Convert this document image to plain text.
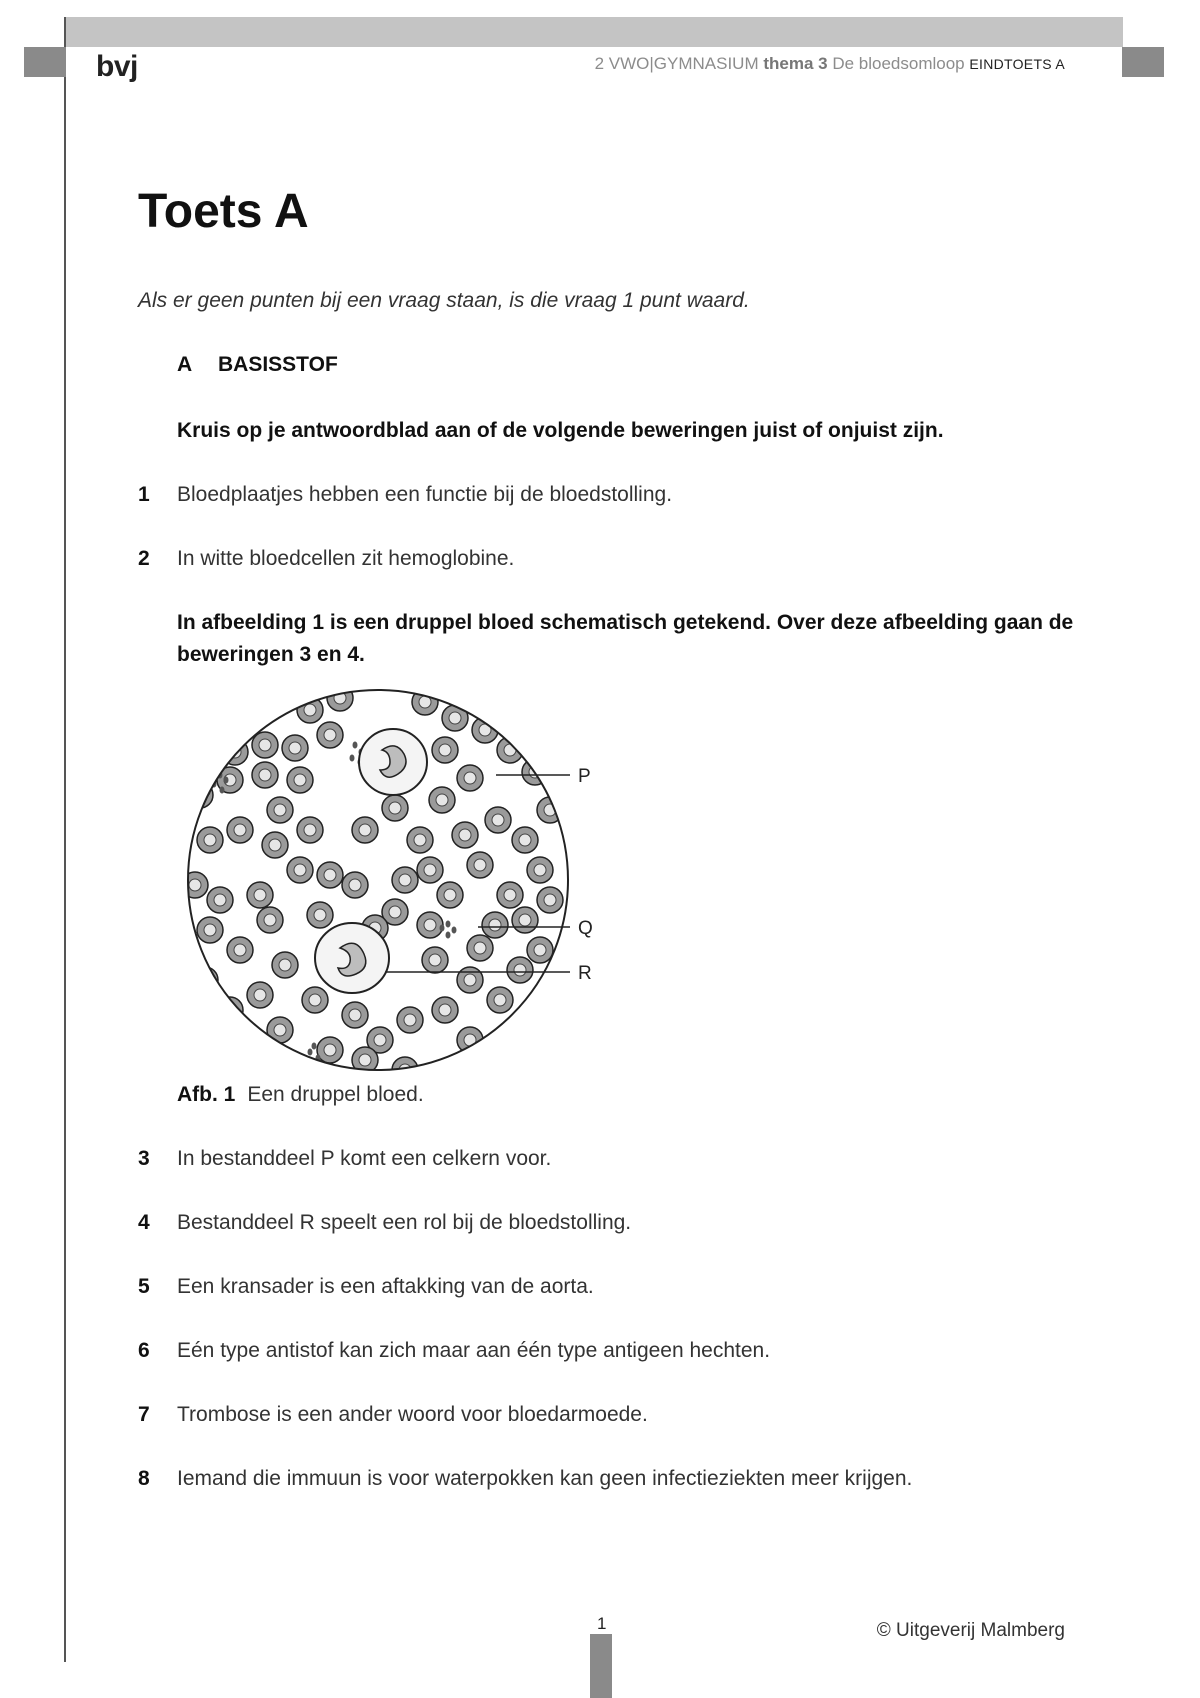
bvj	2 VWO|GYMNASIUM thema 3 De bloedsomloop EINDTOETS A
Toets A
Als er geen punten bij een vraag staan, is die vraag 1 punt waard.
A BASISSTOF
Kruis op je antwoordblad aan of de volgende beweringen juist of onjuist zijn.
1 Bloedplaatjes hebben een functie bij de bloedstolling.
2 In witte bloedcellen zit hemoglobine.
In afbeelding 1 is een druppel bloed schematisch getekend. Over deze afbeelding gaan de beweringen 3 en 4.
P
Q
R
Afb. 1 Een druppel bloed.
3 In bestanddeel P komt een celkern voor.
4 Bestanddeel R speelt een rol bij de bloedstolling.
5 Een kransader is een aftakking van de aorta.
6 Eén type antistof kan zich maar aan één type antigeen hechten.
7 Trombose is een ander woord voor bloedarmoede.
8 Iemand die immuun is voor waterpokken kan geen infectieziekten meer krijgen.
1	© Uitgeverij Malmberg
